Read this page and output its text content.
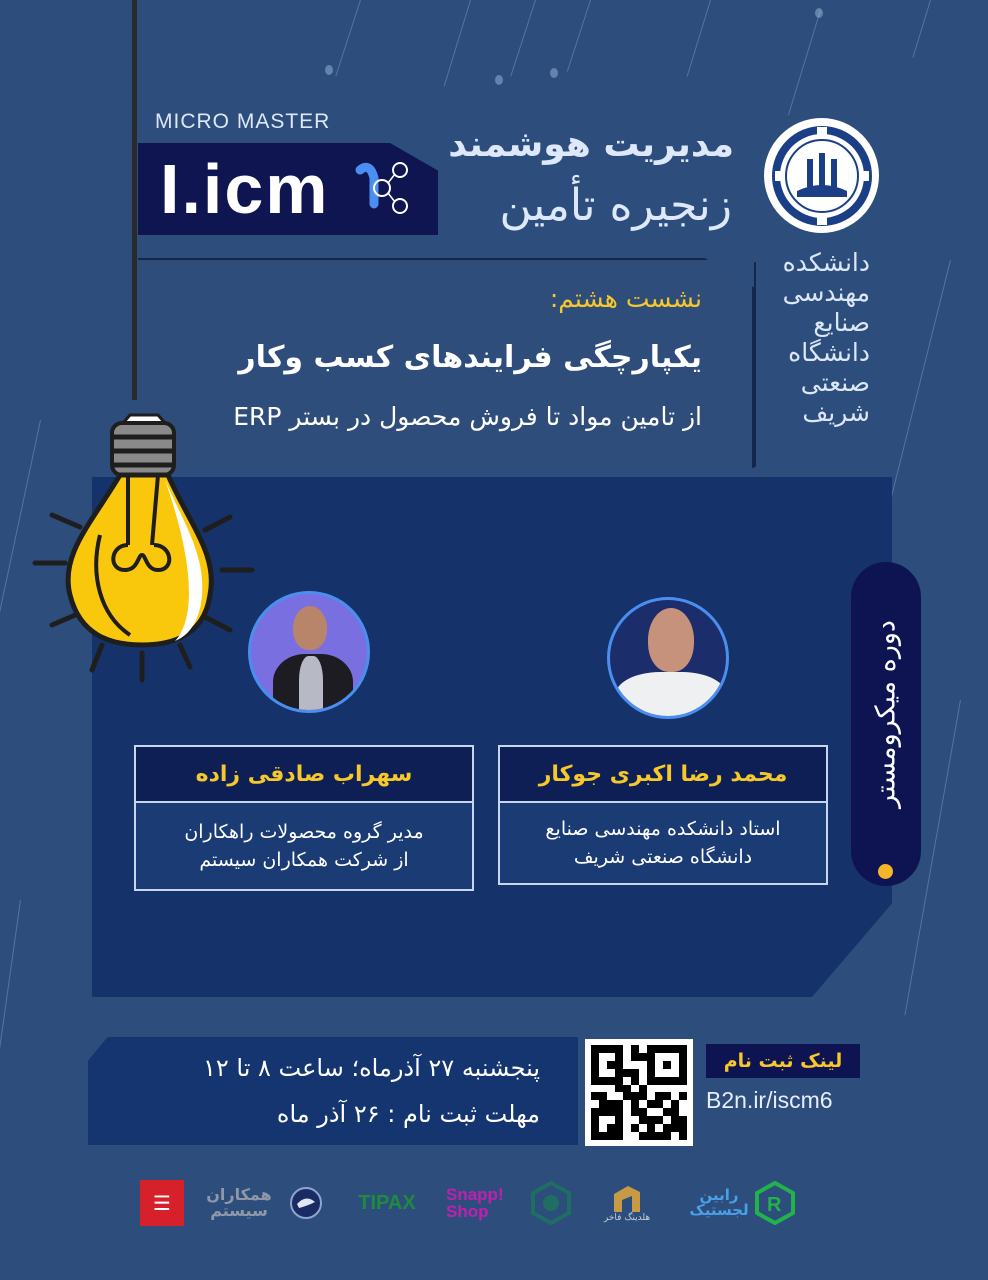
MICRO MASTER
I.icm
مدیریت هوشمند
زنجیره تأمین
دانشکده
مهندسی
صنایع
دانشگاه
صنعتی
شریف
نشست هشتم:
یکپارچگی فرایندهای کسب وکار
از تامین مواد تا فروش محصول در بستر ERP
دوره میکرومستر
محمد رضا اکبری جوکار
استاد دانشکده مهندسی صنایع
دانشگاه صنعتی شریف
سهراب صادقی زاده
مدیر گروه محصولات راهکاران
از شرکت همکاران سیستم
پنجشنبه ۲۷ آذرماه؛ ساعت ۸ تا ۱۲
مهلت ثبت نام : ۲۶ آذر ماه
لینک ثبت نام
B2n.ir/iscm6
☰	همکاران سیستم	TIPAX	Snapp! Shop	هلدینگ فاخر
رابین لجستیک R
